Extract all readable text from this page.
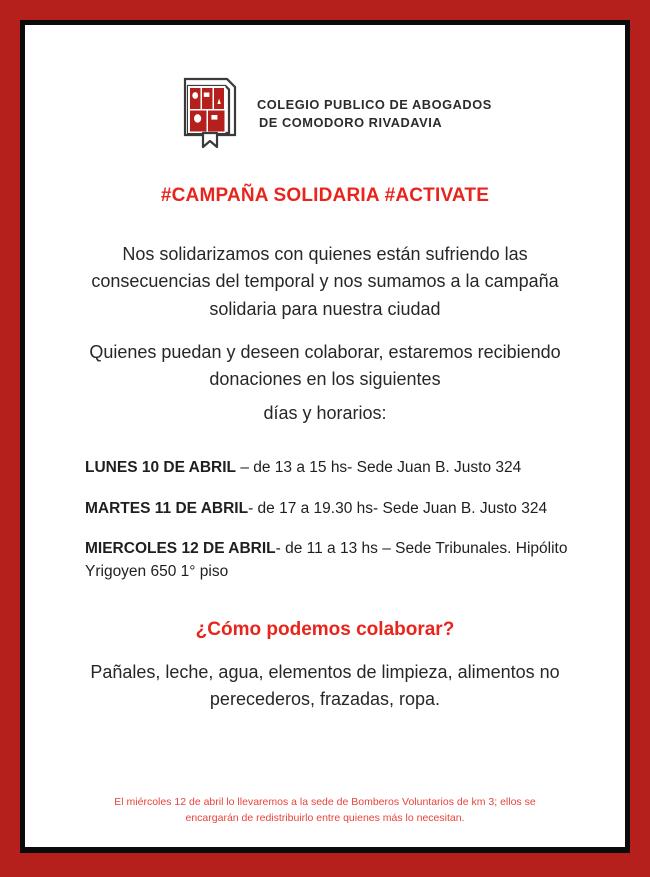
COLEGIO PUBLICO DE ABOGADOS
DE COMODORO RIVADAVIA
#CAMPAÑA SOLIDARIA #ACTIVATE

Nos solidarizamos con quienes están sufriendo las consecuencias del temporal y nos sumamos a la campaña solidaria para nuestra ciudad

Quienes puedan y deseen colaborar, estaremos recibiendo donaciones en los siguientes

días y horarios:

LUNES 10 DE ABRIL – de 13 a 15 hs- Sede Juan B. Justo 324
MARTES 11 DE ABRIL- de 17 a 19.30 hs- Sede Juan B. Justo 324
MIERCOLES 12 DE ABRIL- de 11 a 13 hs – Sede Tribunales. Hipólito Yrigoyen 650 1° piso
¿Cómo podemos colaborar?

Pañales, leche, agua, elementos de limpieza, alimentos no perecederos, frazadas, ropa.

El miércoles 12 de abril lo llevaremos a la sede de Bomberos Voluntarios de km 3; ellos se encargarán de redistribuirlo entre quienes más lo necesitan.
